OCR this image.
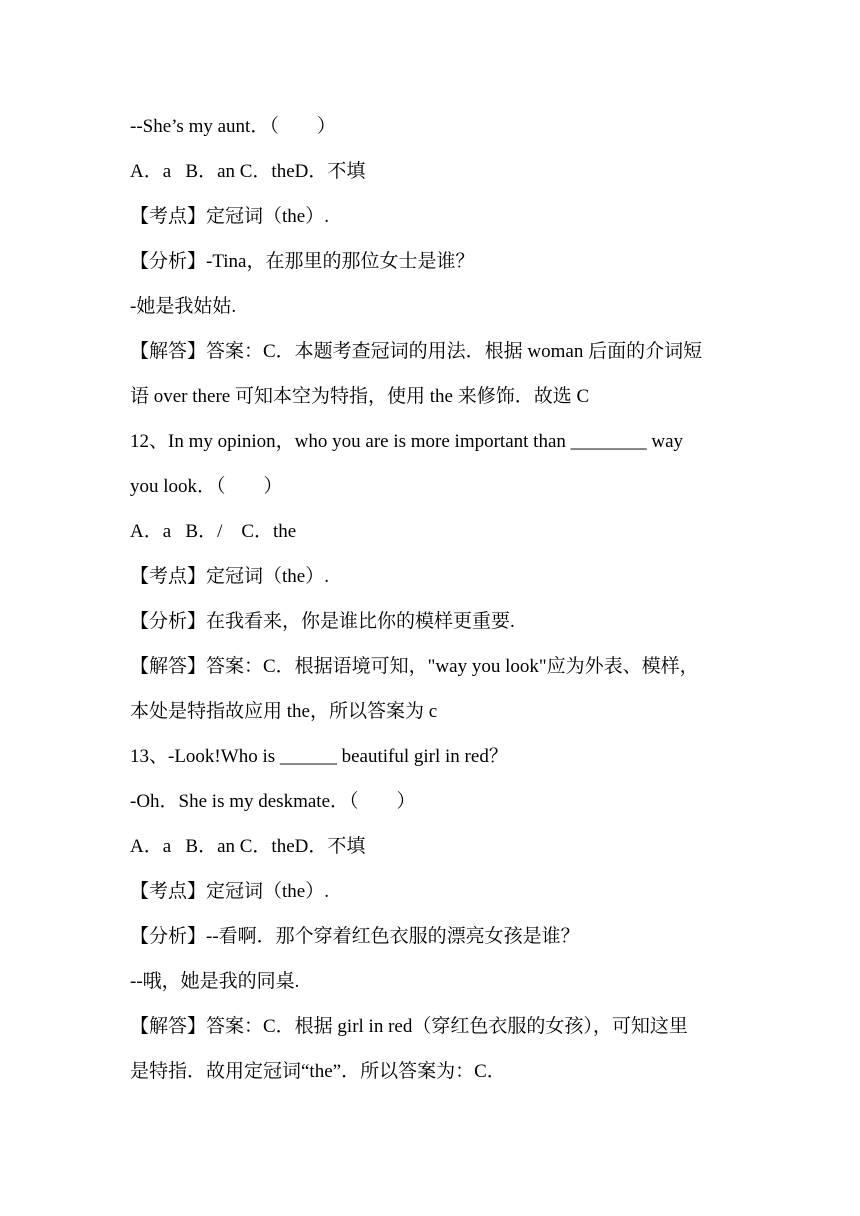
--She’s my aunt．（        ）
A．a   B．an C．theD．不填
【考点】定冠词（the）.
【分析】-Tina，在那里的那位女士是谁？
-她是我姑姑.
【解答】答案：C．本题考查冠词的用法．根据 woman 后面的介词短
语 over there 可知本空为特指，使用 the 来修饰．故选 C
12、In my opinion，who you are is more important than ________ way
you look．（        ）
A．a   B．/    C．the
【考点】定冠词（the）.
【分析】在我看来，你是谁比你的模样更重要.
【解答】答案：C．根据语境可知，"way you look"应为外表、模样，
本处是特指故应用 the，所以答案为 c
13、-Look!Who is ______ beautiful girl in red？
-Oh．She is my deskmate．（        ）
A．a   B．an C．theD．不填
【考点】定冠词（the）.
【分析】--看啊．那个穿着红色衣服的漂亮女孩是谁？
--哦，她是我的同桌.
【解答】答案：C．根据 girl in red（穿红色衣服的女孩），可知这里
是特指．故用定冠词“the”．所以答案为：C．
